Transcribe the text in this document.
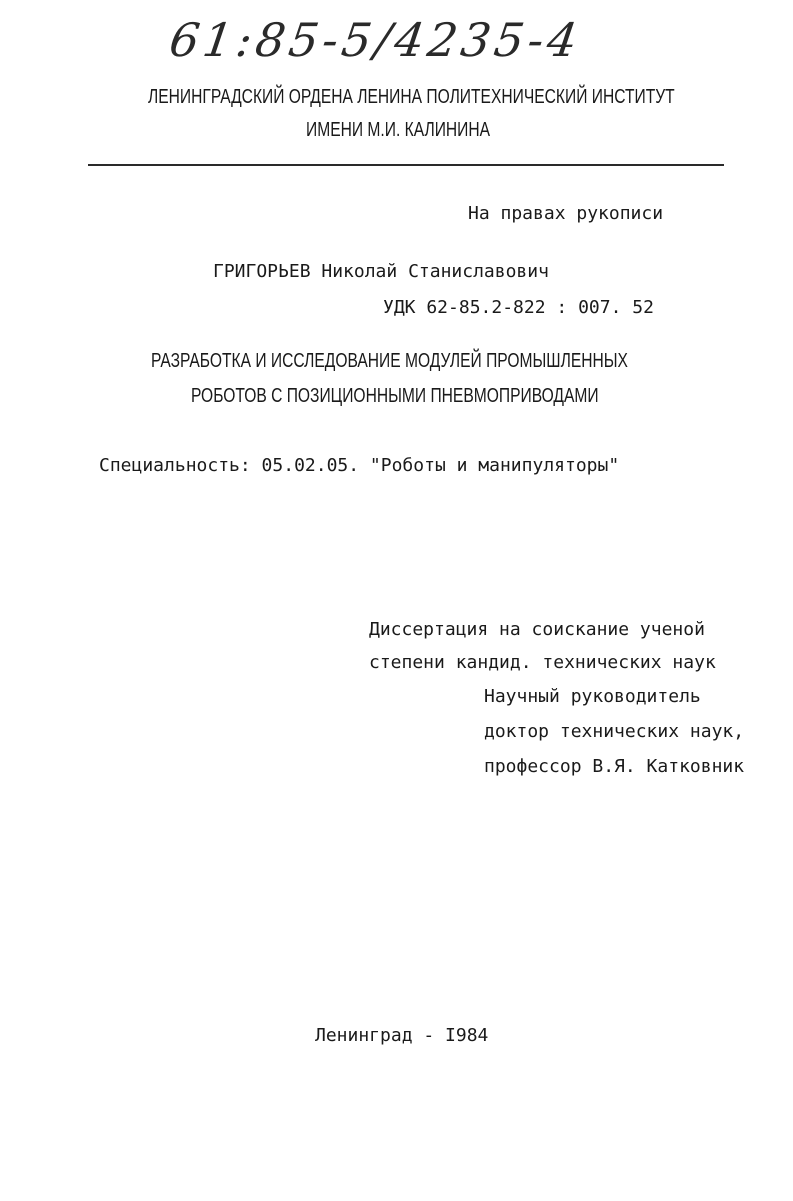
61:85-5/4235-4
ЛЕНИНГРАДСКИЙ ОРДЕНА ЛЕНИНА ПОЛИТЕХНИЧЕСКИЙ ИНСТИТУТ
ИМЕНИ М.И. КАЛИНИНА
На правах рукописи
ГРИГОРЬЕВ Николай Станиславович
УДК 62-85.2-822 : 007. 52
РАЗРАБОТКА И ИССЛЕДОВАНИЕ МОДУЛЕЙ ПРОМЫШЛЕННЫХ
РОБОТОВ С ПОЗИЦИОННЫМИ ПНЕВМОПРИВОДАМИ
Специальность: 05.02.05. "Роботы и манипуляторы"
Диссертация на соискание ученой
степени кандид. технических наук
Научный руководитель
доктор технических наук,
профессор В.Я. Катковник
Ленинград - I984
